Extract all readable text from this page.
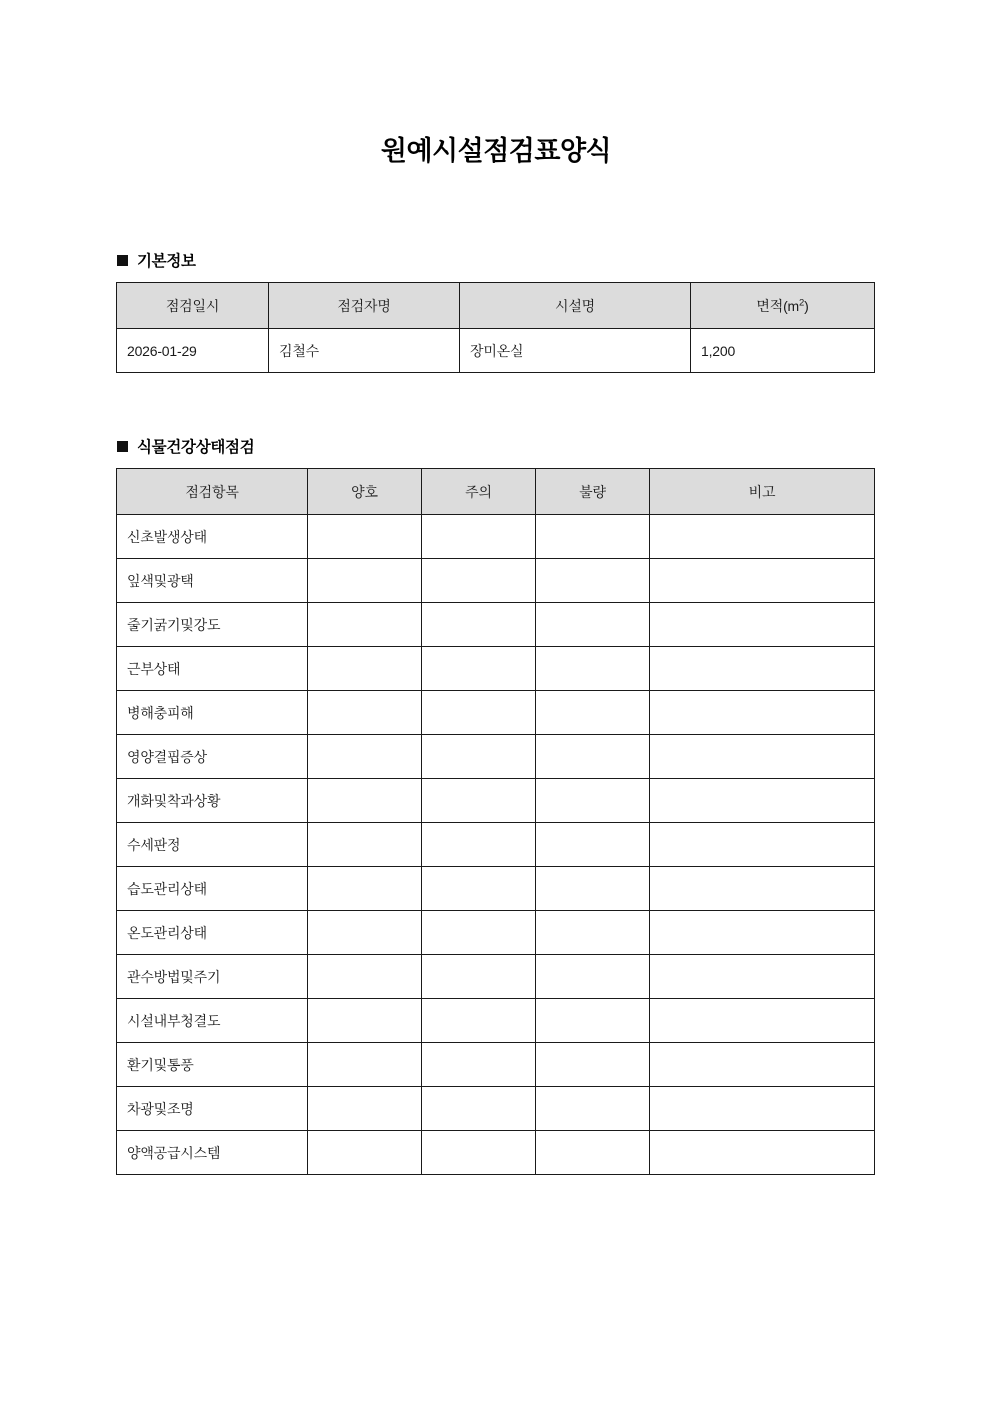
원예시설점검표양식
기본정보
점검일시	점검자명	시설명	면적$(m^2)$
2026-01-29	김철수	장미온실	1,200
식물건강상태점검
점검항목	양호	주의	불량	비고
신초발생상태				
잎색및광택				
줄기굵기및강도				
근부상태				
병해충피해				
영양결핍증상				
개화및착과상황				
수세판정				
습도관리상태				
온도관리상태				
관수방법및주기				
시설내부청결도				
환기및통풍				
차광및조명				
양액공급시스템				
